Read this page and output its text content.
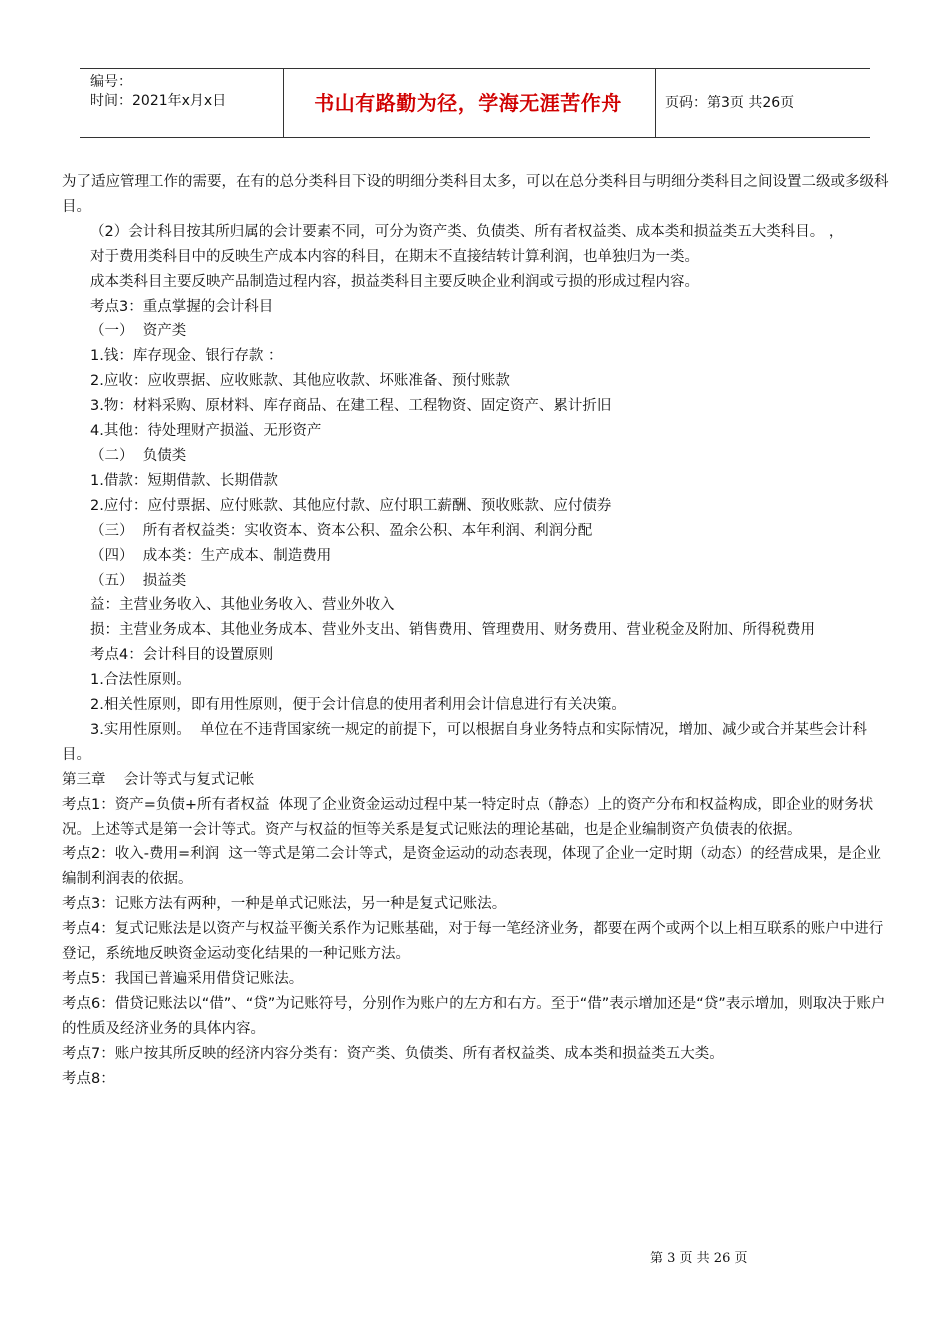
编号：
时间：2021年x月x日	书山有路勤为径，学海无涯苦作舟	页码：第3页 共26页

为了适应管理工作的需要，在有的总分类科目下设的明细分类科目太多，可以在总分类科目与明细分类科目之间设置二级或多级科目。

（2）会计科目按其所归属的会计要素不同，可分为资产类、负债类、所有者权益类、成本类和损益类五大类科目。 ，

对于费用类科目中的反映生产成本内容的科目，在期末不直接结转计算利润，也单独归为一类。

成本类科目主要反映产品制造过程内容，损益类科目主要反映企业利润或亏损的形成过程内容。

考点3：重点掌握的会计科目

（一）  资产类

1.钱：库存现金、银行存款 ：

2.应收：应收票据、应收账款、其他应收款、坏账准备、预付账款

3.物：材料采购、原材料、库存商品、在建工程、工程物资、固定资产、累计折旧

4.其他：待处理财产损溢、无形资产

（二）  负债类

1.借款：短期借款、长期借款

2.应付：应付票据、应付账款、其他应付款、应付职工薪酬、预收账款、应付债券

（三）  所有者权益类：实收资本、资本公积、盈余公积、本年利润、利润分配

（四）  成本类：生产成本、制造费用

（五）  损益类

益：主营业务收入、其他业务收入、营业外收入

损：主营业务成本、其他业务成本、营业外支出、销售费用、管理费用、财务费用、营业税金及附加、所得税费用

考点4：会计科目的设置原则

1.合法性原则。

2.相关性原则，即有用性原则，便于会计信息的使用者利用会计信息进行有关决策。

3.实用性原则。  单位在不违背国家统一规定的前提下，可以根据自身业务特点和实际情况，增加、减少或合并某些会计科目。

第三章    会计等式与复式记帐

考点1：资产=负债+所有者权益  体现了企业资金运动过程中某一特定时点（静态）上的资产分布和权益构成，即企业的财务状况。上述等式是第一会计等式。资产与权益的恒等关系是复式记账法的理论基础，也是企业编制资产负债表的依据。

考点2：收入-费用=利润  这一等式是第二会计等式，是资金运动的动态表现，体现了企业一定时期（动态）的经营成果，是企业编制利润表的依据。

考点3：记账方法有两种，一种是单式记账法，另一种是复式记账法。

考点4：复式记账法是以资产与权益平衡关系作为记账基础，对于每一笔经济业务，都要在两个或两个以上相互联系的账户中进行登记，系统地反映资金运动变化结果的一种记账方法。

考点5：我国已普遍采用借贷记账法。

考点6：借贷记账法以“借”、“贷”为记账符号，分别作为账户的左方和右方。至于“借”表示增加还是“贷”表示增加，则取决于账户的性质及经济业务的具体内容。

考点7：账户按其所反映的经济内容分类有：资产类、负债类、所有者权益类、成本类和损益类五大类。

考点8：

第 3 页 共 26 页
